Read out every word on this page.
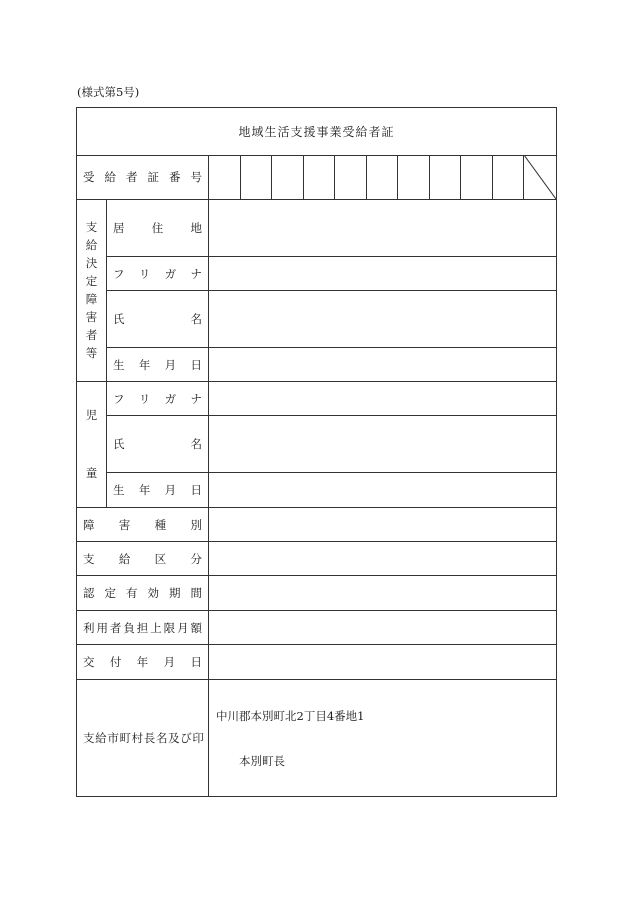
(様式第5号)
地域生活支援事業受給者証
受 給 者 証 番 号
支
給
決
定
障
害
者
等
居 住 地
フ リ ガ ナ
氏	名
生 年 月 日
児
童
フ リ ガ ナ
氏	名
生 年 月 日
障 害 種 別
支 給 区 分
認 定 有 効 期 間
利 用 者 負 担 上 限 月 額
交 付 年 月 日
支 給 市 町 村 長 名 及 び 印
中川郡本別町北2丁目4番地1
本別町長
